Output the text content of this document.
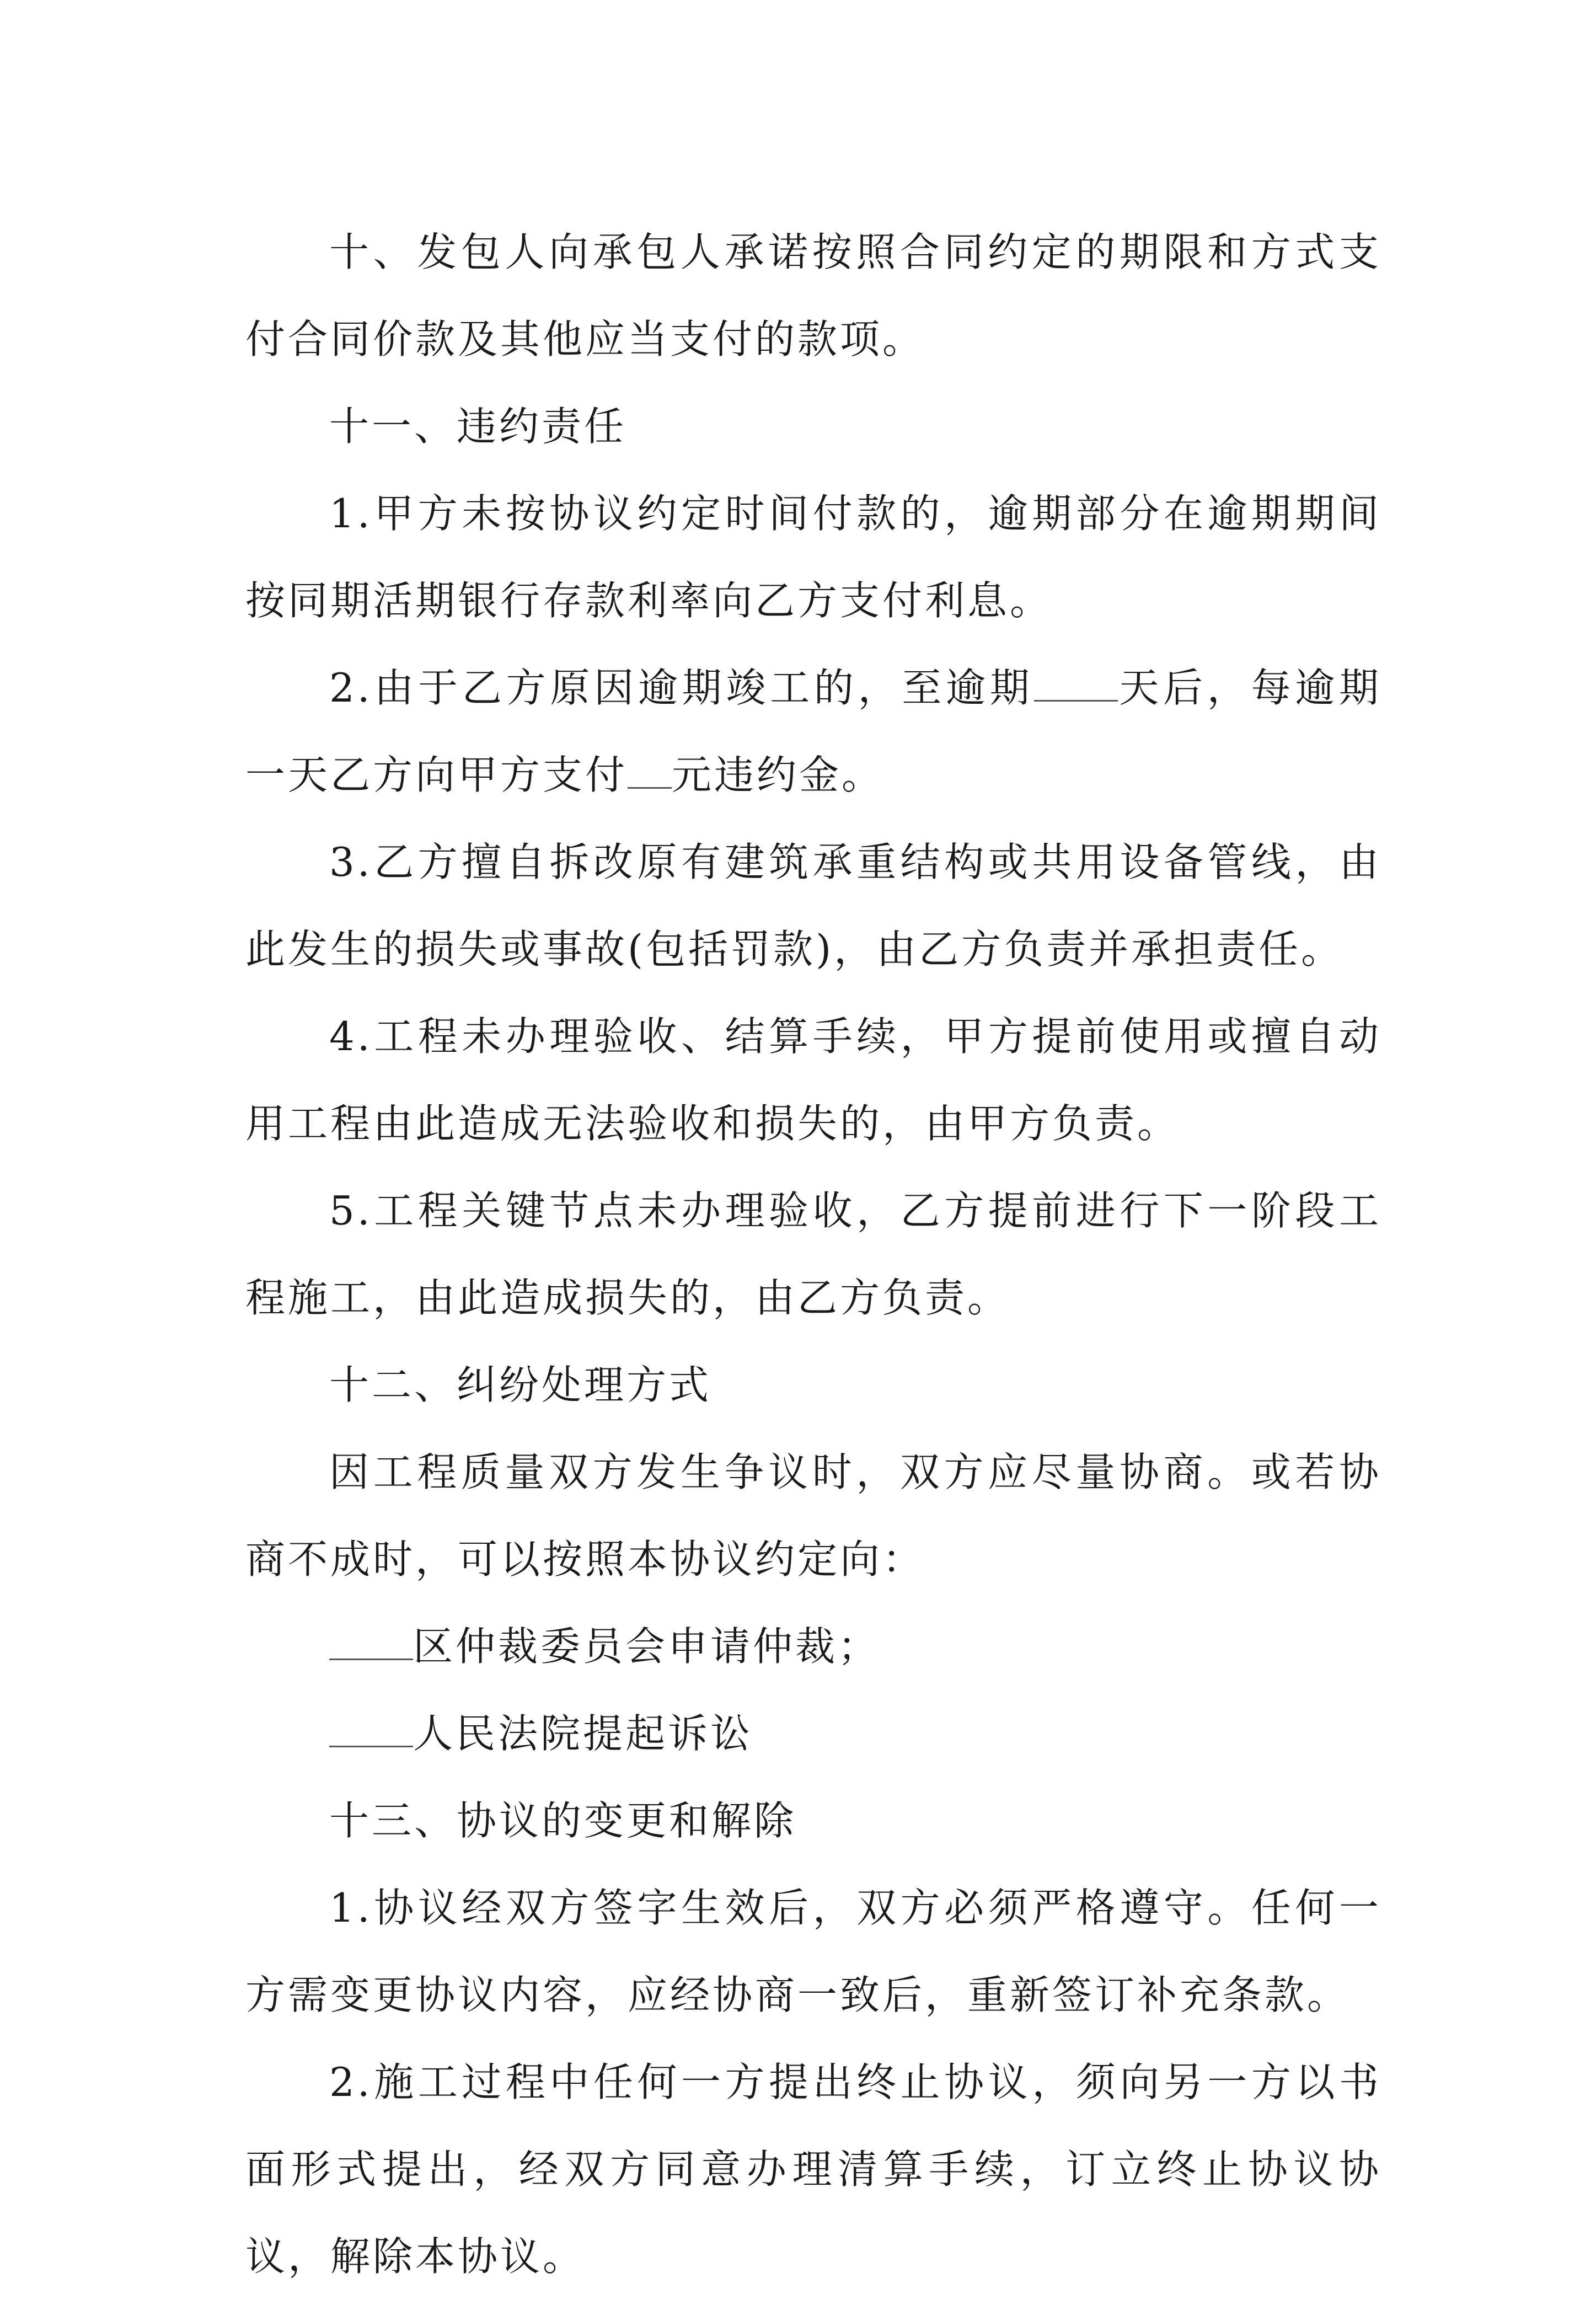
十、发包人向承包人承诺按照合同约定的期限和方式支付合同价款及其他应当支付的款项。

十一、违约责任

1.甲方未按协议约定时间付款的，逾期部分在逾期期间按同期活期银行存款利率向乙方支付利息。

2.由于乙方原因逾期竣工的，至逾期 天后，每逾期一天乙方向甲方支付 元违约金。

3.乙方擅自拆改原有建筑承重结构或共用设备管线，由此发生的损失或事故(包括罚款)，由乙方负责并承担责任。

4.工程未办理验收、结算手续，甲方提前使用或擅自动用工程由此造成无法验收和损失的，由甲方负责。

5.工程关键节点未办理验收，乙方提前进行下一阶段工程施工，由此造成损失的，由乙方负责。

十二、纠纷处理方式

因工程质量双方发生争议时，双方应尽量协商。或若协商不成时，可以按照本协议约定向：

区仲裁委员会申请仲裁；

人民法院提起诉讼

十三、协议的变更和解除

1.协议经双方签字生效后，双方必须严格遵守。任何一方需变更协议内容，应经协商一致后，重新签订补充条款。

2.施工过程中任何一方提出终止协议，须向另一方以书面形式提出，经双方同意办理清算手续，订立终止协议协议，解除本协议。
